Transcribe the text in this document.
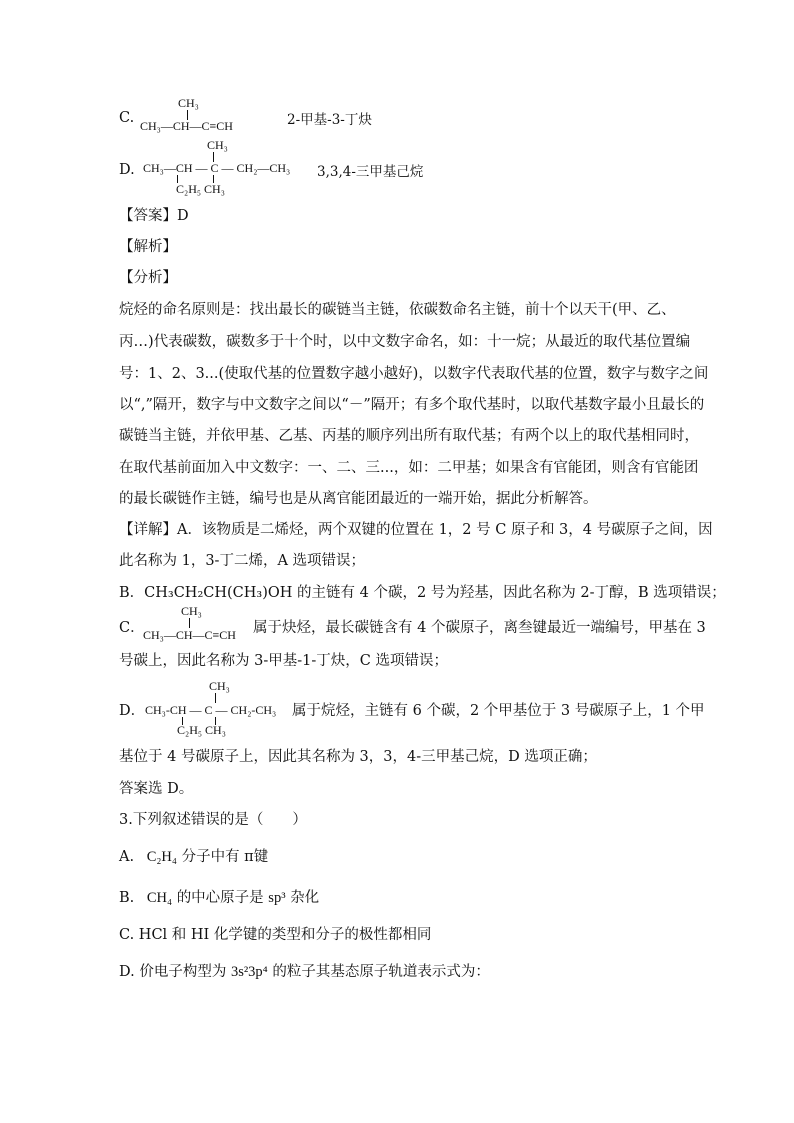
C.
CH₃
CH₃—CH—C≡CH	2-甲基-3-丁炔
D.
CH₃
CH₃—CH — C — CH₂—CH₃
C₂H₅ CH₃
3,3,4-三甲基己烷
【答案】D
【解析】
【分析】
烷烃的命名原则是：找出最长的碳链当主链，依碳数命名主链，前十个以天干(甲、乙、
丙…)代表碳数，碳数多于十个时，以中文数字命名，如：十一烷；从最近的取代基位置编
号：1、2、3...(使取代基的位置数字越小越好)，以数字代表取代基的位置，数字与数字之间
以“,”隔开，数字与中文数字之间以“－”隔开；有多个取代基时，以取代基数字最小且最长的
碳链当主链，并依甲基、乙基、丙基的顺序列出所有取代基；有两个以上的取代基相同时，
在取代基前面加入中文数字：一、二、三...，如：二甲基；如果含有官能团，则含有官能团
的最长碳链作主链，编号也是从离官能团最近的一端开始，据此分析解答。
【详解】A．该物质是二烯烃，两个双键的位置在 1，2 号 C 原子和 3，4 号碳原子之间，因
此名称为 1，3-丁二烯，A 选项错误；
B．CH₃CH₂CH(CH₃)OH 的主链有 4 个碳，2 号为羟基，因此名称为 2-丁醇，B 选项错误；
C．
CH₃
CH₃—CH—C≡CH 属于炔烃，最长碳链含有 4 个碳原子，离叁键最近一端编号，甲基在 3
号碳上，因此名称为 3-甲基-1-丁炔，C 选项错误；
D．
CH₃
CH₃-CH — C — CH₂-CH₃
C₂H₅ CH₃
属于烷烃，主链有 6 个碳，2 个甲基位于 3 号碳原子上，1 个甲
基位于 4 号碳原子上，因此其名称为 3，3，4-三甲基己烷，D 选项正确；
答案选 D。
3.下列叙述错误的是（　　）
A. C₂H₄ 分子中有 π键
B. CH₄ 的中心原子是 sp³ 杂化
C. HCl 和 HI 化学键的类型和分子的极性都相同
D. 价电子构型为 3s²3p⁴ 的粒子其基态原子轨道表示式为：
